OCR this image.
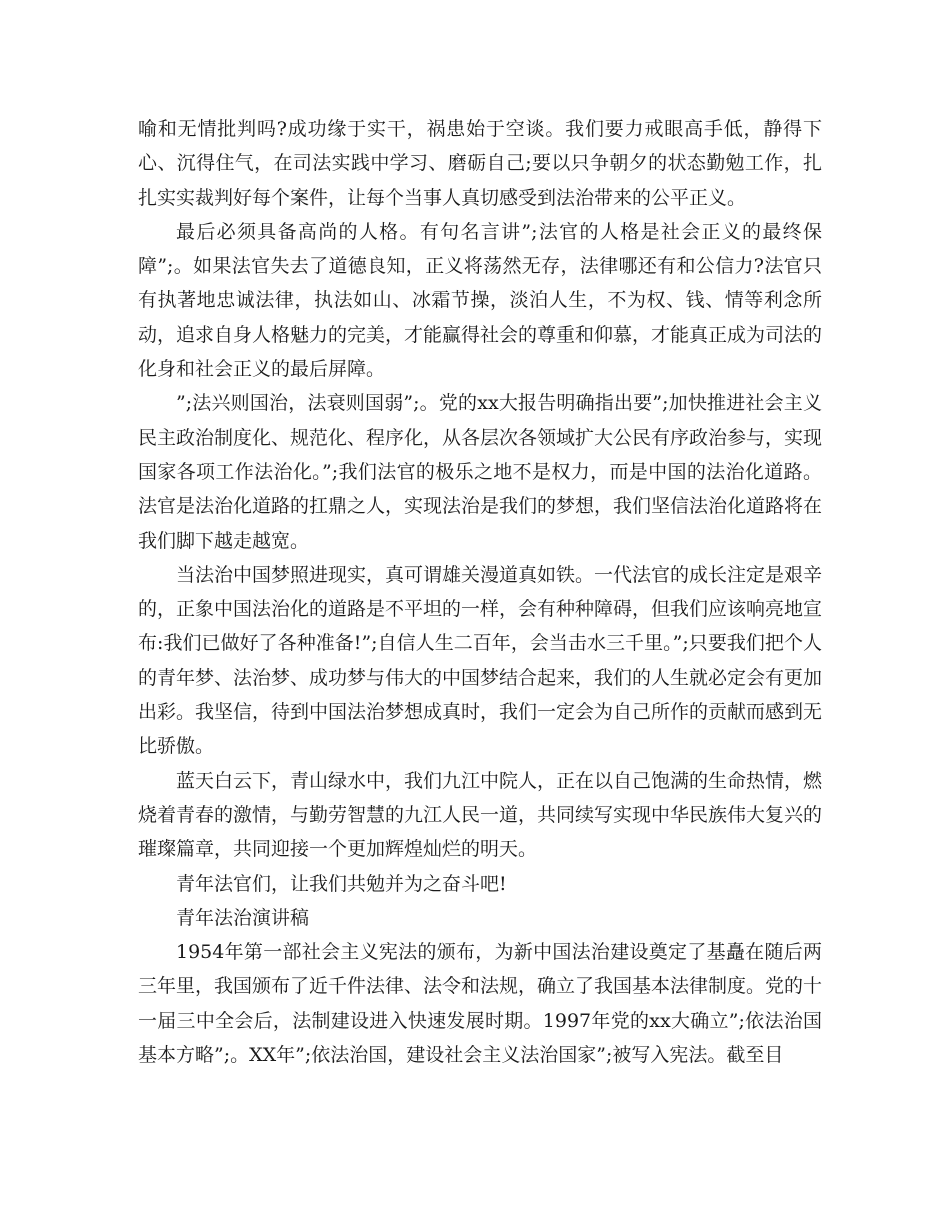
喻和无情批判吗?成功缘于实干，祸患始于空谈。我们要力戒眼高手低，静得下心、沉得住气，在司法实践中学习、磨砺自己;要以只争朝夕的状态勤勉工作，扎扎实实裁判好每个案件，让每个当事人真切感受到法治带来的公平正义。

最后必须具备高尚的人格。有句名言讲”;法官的人格是社会正义的最终保障”;。如果法官失去了道德良知，正义将荡然无存，法律哪还有和公信力?法官只有执著地忠诚法律，执法如山、冰霜节操，淡泊人生，不为权、钱、情等利念所动，追求自身人格魅力的完美，才能赢得社会的尊重和仰慕，才能真正成为司法的化身和社会正义的最后屏障。

”;法兴则国治，法衰则国弱”;。党的xx大报告明确指出要”;加快推进社会主义民主政治制度化、规范化、程序化，从各层次各领域扩大公民有序政治参与，实现国家各项工作法治化。”;我们法官的极乐之地不是权力，而是中国的法治化道路。法官是法治化道路的扛鼎之人，实现法治是我们的梦想，我们坚信法治化道路将在我们脚下越走越宽。

当法治中国梦照进现实，真可谓雄关漫道真如铁。一代法官的成长注定是艰辛的，正象中国法治化的道路是不平坦的一样，会有种种障碍，但我们应该响亮地宣布:我们已做好了各种准备!”;自信人生二百年，会当击水三千里。”;只要我们把个人的青年梦、法治梦、成功梦与伟大的中国梦结合起来，我们的人生就必定会有更加出彩。我坚信，待到中国法治梦想成真时，我们一定会为自己所作的贡献而感到无比骄傲。

蓝天白云下，青山绿水中，我们九江中院人，正在以自己饱满的生命热情，燃烧着青春的激情，与勤劳智慧的九江人民一道，共同续写实现中华民族伟大复兴的璀璨篇章，共同迎接一个更加辉煌灿烂的明天。

青年法官们，让我们共勉并为之奋斗吧!

青年法治演讲稿

1954年第一部社会主义宪法的颁布，为新中国法治建设奠定了基矗在随后两三年里，我国颁布了近千件法律、法令和法规，确立了我国基本法律制度。党的十一届三中全会后，法制建设进入快速发展时期。1997年党的xx大确立”;依法治国基本方略”;。XX年”;依法治国，建设社会主义法治国家”;被写入宪法。截至目
